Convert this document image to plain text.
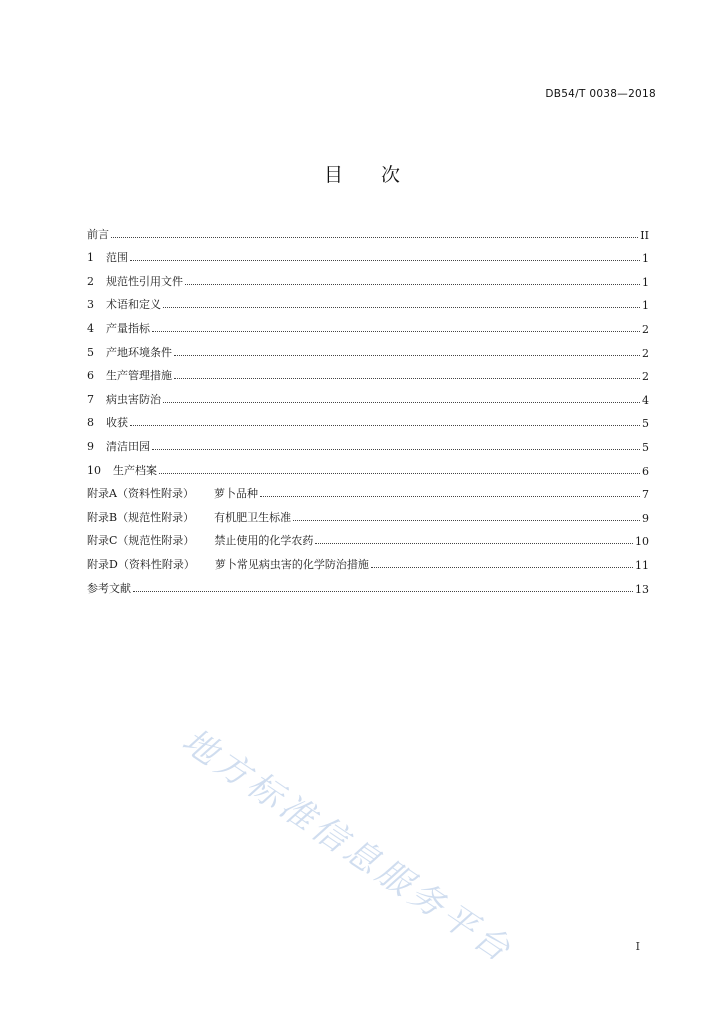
DB54/T 0038—2018
目 次
前言	II
1 范围	1
2 规范性引用文件	1
3 术语和定义	1
4 产量指标	2
5 产地环境条件	2
6 生产管理措施	2
7 病虫害防治	4
8 收获	5
9 清洁田园	5
10 生产档案	6
附录A（资料性附录） 萝卜品种	7
附录B（规范性附录） 有机肥卫生标准	9
附录C（规范性附录） 禁止使用的化学农药	10
附录D（资料性附录） 萝卜常见病虫害的化学防治措施	11
参考文献	13
地方标准信息服务平台	I
